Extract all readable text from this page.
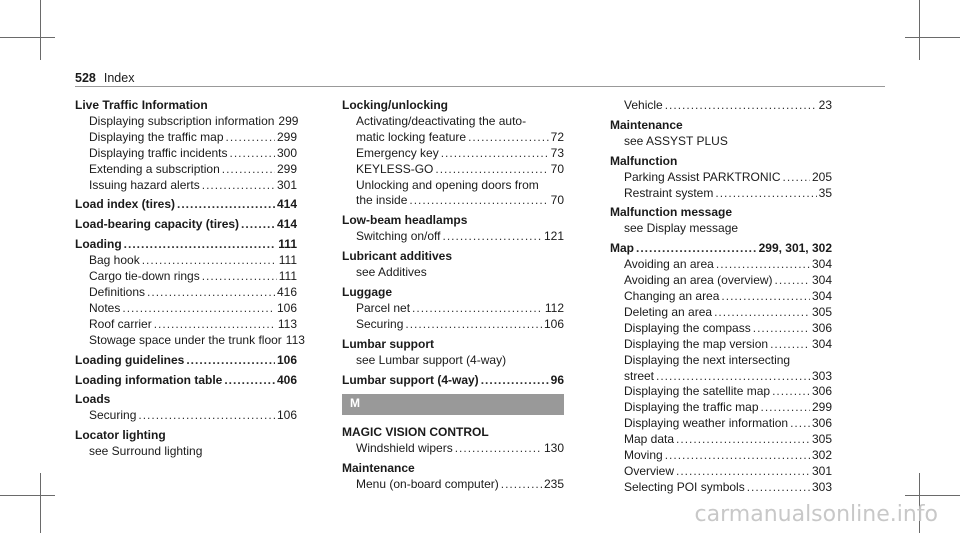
528 Index
Live Traffic Information
Displaying subscription information 299
Displaying the traffic map .....	299
Displaying traffic incidents .....	300
Extending a subscription .....	299
Issuing hazard alerts .....	301
Load index (tires) .....	414
Load-bearing capacity (tires) .....	414
Loading .....	111
Bag hook .....	111
Cargo tie-down rings .....	111
Definitions .....	416
Notes .....	106
Roof carrier .....	113
Stowage space under the trunk floor 113
Loading guidelines .....	106
Loading information table .....	406
Loads
Securing .....	106
Locator lighting
see Surround lighting
Locking/unlocking
Activating/deactivating the auto-
matic locking feature .....	72
Emergency key .....	73
KEYLESS-GO .....	70
Unlocking and opening doors from
the inside .....	70
Low-beam headlamps
Switching on/off .....	121
Lubricant additives
see Additives
Luggage
Parcel net .....	112
Securing .....	106
Lumbar support
see Lumbar support (4-way)
Lumbar support (4-way) .....	96
M
MAGIC VISION CONTROL
Windshield wipers .....	130
Maintenance
Menu (on-board computer) .....	235
Vehicle .....	23
Maintenance
see ASSYST PLUS
Malfunction
Parking Assist PARKTRONIC .....	205
Restraint system .....	35
Malfunction message
see Display message
Map .....	299, 301, 302
Avoiding an area .....	304
Avoiding an area (overview) .....	304
Changing an area .....	304
Deleting an area .....	305
Displaying the compass .....	306
Displaying the map version .....	304
Displaying the next intersecting
street .....	303
Displaying the satellite map .....	306
Displaying the traffic map .....	299
Displaying weather information ..... 306
Map data .....	305
Moving .....	302
Overview .....	301
Selecting POI symbols .....	303
carmanualsonline.info
